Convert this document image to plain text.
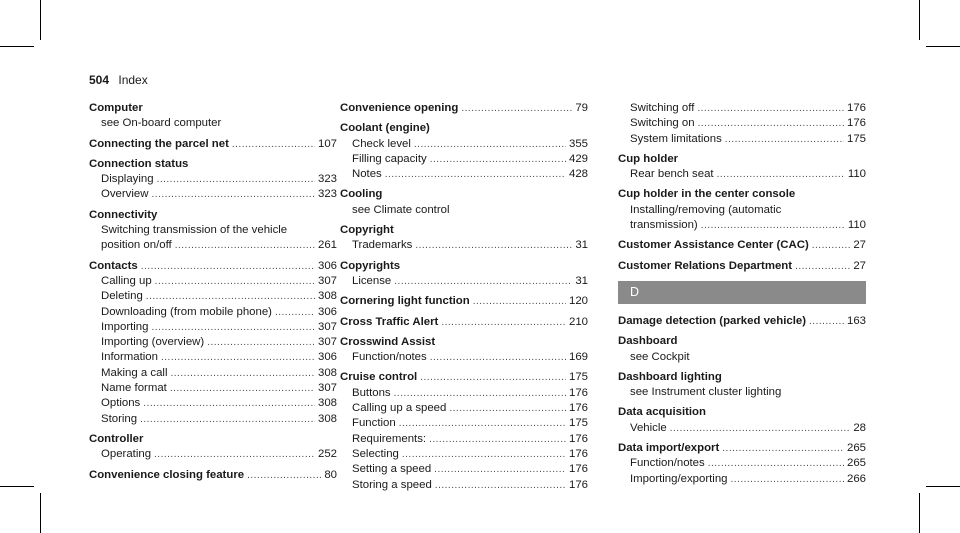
504 Index
Computer
see On-board computer
Connecting the parcel net .....	107
Connection status
Displaying .....	323
Overview .....	323
Connectivity
Switching transmission of the vehicle
position on/off .....	261
Contacts .....	306
Calling up .....	307
Deleting .....	308
Downloading (from mobile phone) .....	306
Importing .....	307
Importing (overview) .....	307
Information .....	306
Making a call .....	308
Name format .....	307
Options .....	308
Storing .....	308
Controller
Operating .....	252
Convenience closing feature .....	80
Convenience opening .....	79
Coolant (engine)
Check level .....	355
Filling capacity .....	429
Notes .....	428
Cooling
see Climate control
Copyright
Trademarks .....	31
Copyrights
License .....	31
Cornering light function .....	120
Cross Traffic Alert .....	210
Crosswind Assist
Function/notes .....	169
Cruise control .....	175
Buttons .....	176
Calling up a speed .....	176
Function .....	175
Requirements: .....	176
Selecting .....	176
Setting a speed .....	176
Storing a speed .....	176
Switching off .....	176
Switching on .....	176
System limitations .....	175
Cup holder
Rear bench seat .....	110
Cup holder in the center console
Installing/removing (automatic
transmission) .....	110
Customer Assistance Center (CAC) .....	27
Customer Relations Department .....	27
D
Damage detection (parked vehicle) .....	163
Dashboard
see Cockpit
Dashboard lighting
see Instrument cluster lighting
Data acquisition
Vehicle .....	28
Data import/export .....	265
Function/notes .....	265
Importing/exporting .....	266
